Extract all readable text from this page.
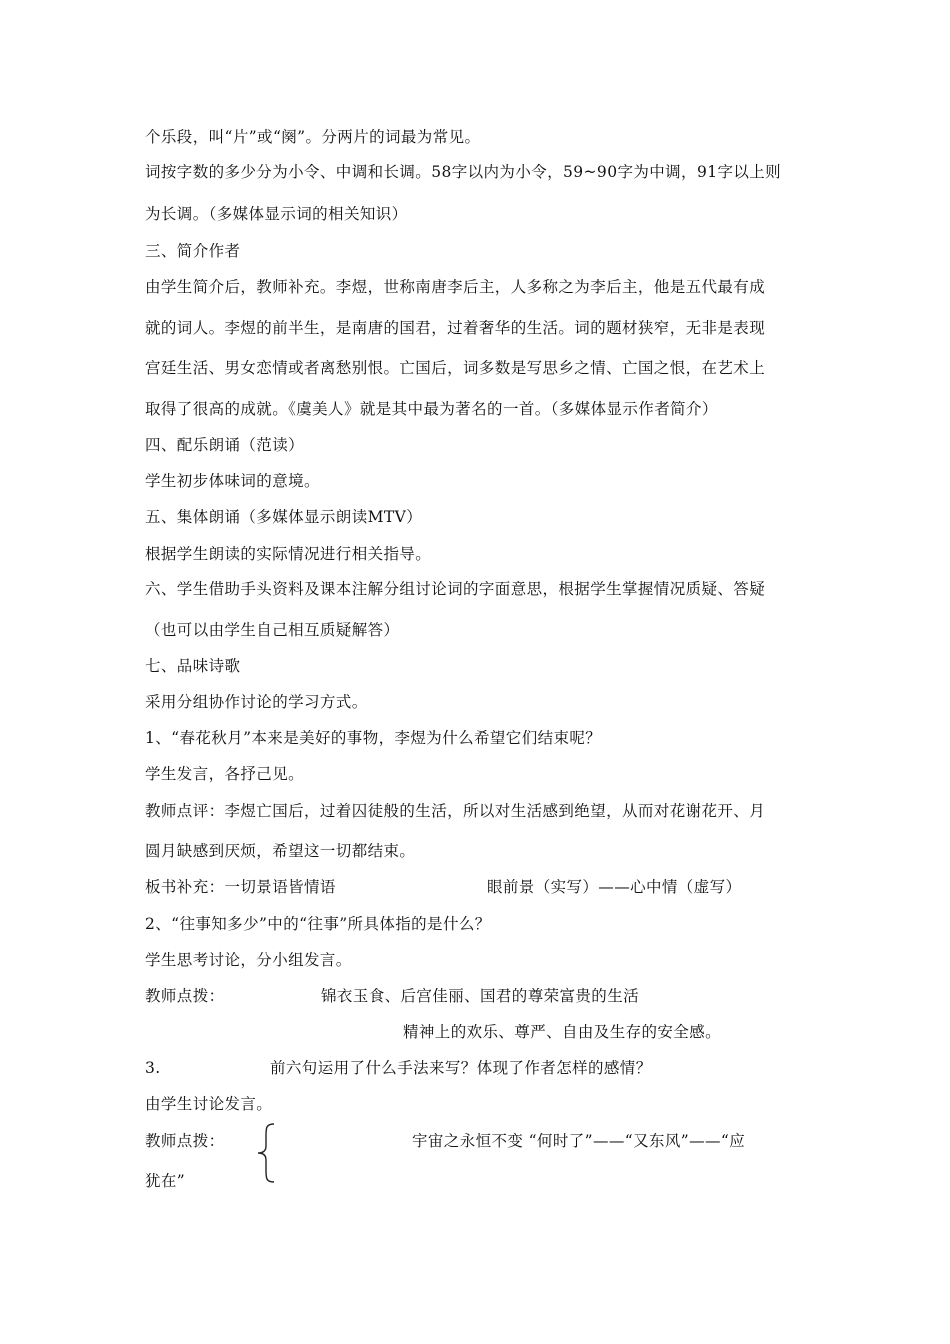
个乐段，叫“片”或“阕”。分两片的词最为常见。
词按字数的多少分为小令、中调和长调。58字以内为小令，59~90字为中调，91字以上则
为长调。（多媒体显示词的相关知识）
三、简介作者
由学生简介后，教师补充。李煜，世称南唐李后主，人多称之为李后主，他是五代最有成
就的词人。李煜的前半生，是南唐的国君，过着奢华的生活。词的题材狭窄，无非是表现
宫廷生活、男女恋情或者离愁别恨。亡国后，词多数是写思乡之情、亡国之恨，在艺术上
取得了很高的成就。《虞美人》就是其中最为著名的一首。（多媒体显示作者简介）
四、配乐朗诵（范读）
学生初步体味词的意境。
五、集体朗诵（多媒体显示朗读MTV）
根据学生朗读的实际情况进行相关指导。
六、学生借助手头资料及课本注解分组讨论词的字面意思，根据学生掌握情况质疑、答疑
（也可以由学生自己相互质疑解答）
七、品味诗歌
采用分组协作讨论的学习方式。
1、“春花秋月”本来是美好的事物，李煜为什么希望它们结束呢？
学生发言，各抒己见。
教师点评：李煜亡国后，过着囚徒般的生活，所以对生活感到绝望，从而对花谢花开、月
圆月缺感到厌烦，希望这一切都结束。
板书补充：一切景语皆情语	眼前景（实写）——心中情（虚写）
2、“往事知多少”中的“往事”所具体指的是什么？
学生思考讨论，分小组发言。
教师点拨：	锦衣玉食、后宫佳丽、国君的尊荣富贵的生活
精神上的欢乐、尊严、自由及生存的安全感。
3.	前六句运用了什么手法来写？体现了作者怎样的感情？
由学生讨论发言。
教师点拨：	宇宙之永恒不变 “何时了”——“又东风”——“应
犹在”
